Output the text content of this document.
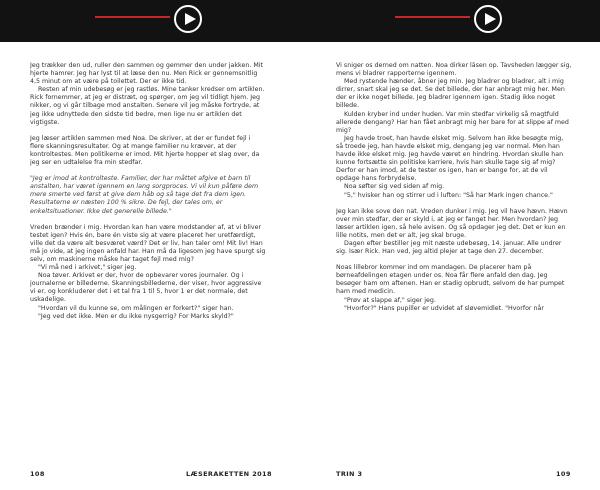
Jeg trækker den ud, ruller den sammen og gemmer den under jakken. Mit hjerte hamrer. Jeg har lyst til at læse den nu. Men Rick er gennemsnitlig 4,5 minut om at være på toilettet. Der er ikke tid.

Resten af min udebesøg er jeg rastløs. Mine tanker kredser om artiklen. Rick fornemmer, at jeg er distræt, og spørger, om jeg vil tidligt hjem. Jeg nikker, og vi går tilbage mod anstalten. Senere vil jeg måske fortryde, at jeg ikke udnyttede den sidste tid bedre, men lige nu er artiklen det vigtigste.

Jeg læser artiklen sammen med Noa. De skriver, at der er fundet fejl i flere skanningsresultater. Og at mange familier nu kræver, at der kontroltestes. Men politikerne er imod. Mit hjerte hopper et slag over, da jeg ser en udtalelse fra min stedfar.

"Jeg er imod at kontrolteste. Familier, der har måttet afgive et barn til anstalten, har været igennem en lang sorgproces. Vi vil kun påføre dem mere smerte ved først at give dem håb og så tage det fra dem igen. Resultaterne er næsten 100 % sikre. De fejl, der tales om, er enkeltsituationer. Ikke det generelle billede."

Vreden brænder i mig. Hvordan kan han være modstander af, at vi bliver testet igen? Hvis én, bare én viste sig at være placeret her uretfærdigt, ville det da være alt besværet værd? Det er liv, han taler om! Mit liv! Han må jo vide, at jeg ingen anfald har. Han må da ligesom jeg have spurgt sig selv, om maskinerne måske har taget fejl med mig?

"Vi må ned i arkivet," siger jeg.

Noa tøver. Arkivet er der, hvor de opbevarer vores journaler. Og i journalerne er billederne. Skanningsbillederne, der viser, hvor aggressive vi er, og konkluderer det i et tal fra 1 til 5, hvor 1 er det normale, det uskadelige.

"Hvordan vil du kunne se, om målingen er forkert?" siger han.

"Jeg ved det ikke. Men er du ikke nysgerrig? For Marks skyld?"

Vi sniger os derned om natten. Noa dirker låsen op. Tavsheden lægger sig, mens vi bladrer rapporterne igennem.

Med rystende hænder, åbner jeg min. Jeg bladrer og bladrer, alt i mig dirrer, snart skal jeg se det. Se det billede, der har anbragt mig her. Men der er ikke noget billede. Jeg bladrer igennem igen. Stadig ikke noget billede.

Kulden kryber ind under huden. Var min stedfar virkelig så magtfuld allerede dengang? Har han fået anbragt mig her bare for at slippe af med mig?

Jeg havde troet, han havde elsket mig. Selvom han ikke besøgte mig, så troede jeg, han havde elsket mig, dengang jeg var normal. Men han havde ikke elsket mig. Jeg havde været en hindring. Hvordan skulle han kunne fortsætte sin politiske karriere, hvis han skulle tage sig af mig? Derfor er han imod, at de tester os igen, han er bange for, at de vil opdage hans forbrydelse.

Noa søfter sig ved siden af mig.

"5," hvisker han og stirrer ud i luften: "Så har Mark ingen chance."

Jeg kan ikke sove den nat. Vreden dunker i mig. Jeg vil have hævn. Hævn over min stedfar, der er skyld i, at jeg er fanget her. Men hvordan? Jeg læser artiklen igen, så hele avisen. Og så opdager jeg det. Det er kun en lille notits, men det er alt, jeg skal bruge.

Dagen efter bestiller jeg mit næste udebesøg, 14. januar. Alle undrer sig. Især Rick. Han ved, jeg altid plejer at tage den 27. december.

Noas lillebror kommer ind om mandagen. De placerer ham på børneafdelingen etagen under os. Noa får flere anfald den dag. Jeg besøger ham om aftenen. Han er stadig opbrudt, selvom de har pumpet ham med medicin.

"Prøv at slappe af," siger jeg.

"Hvorfor?" Hans pupiller er udvidet af sløvemidlet. "Hvorfor når

108	LÆSERAKETTEN 2018	TRIN 3	109
